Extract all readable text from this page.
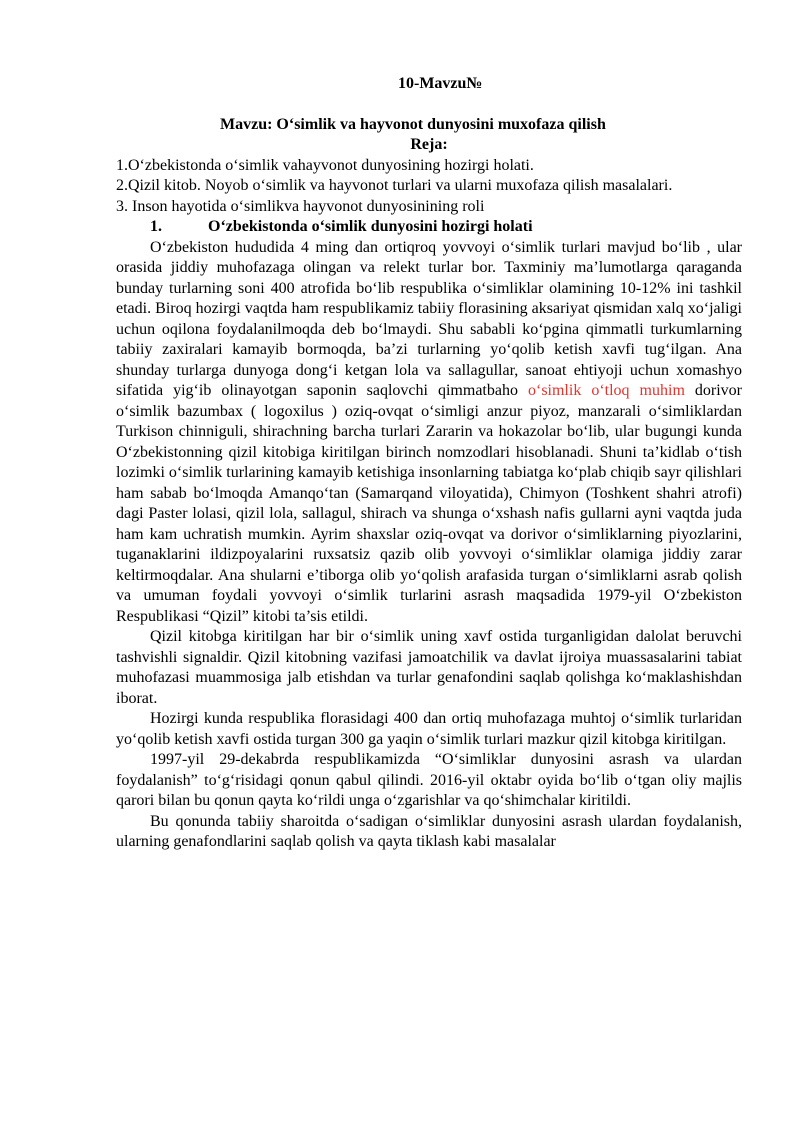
10-Mavzu№
Mavzu: O‘simlik va hayvonot dunyosini muxofaza qilish
Reja:
1.O‘zbekistonda o‘simlik vahayvonot dunyosining hozirgi holati.
2.Qizil kitob. Noyob o‘simlik va hayvonot turlari va ularni muxofaza qilish masalalari.
3. Inson hayotida o‘simlikva hayvonot dunyosinining roli
1.	O‘zbekistonda o‘simlik dunyosini hozirgi holati

O‘zbekiston hududida 4 ming dan ortiqroq yovvoyi o‘simlik turlari mavjud bo‘lib , ular orasida jiddiy muhofazaga olingan va relekt turlar bor. Taxminiy ma’lumotlarga qaraganda bunday turlarning soni 400 atrofida bo‘lib respublika o‘simliklar olamining 10-12% ini tashkil etadi. Biroq hozirgi vaqtda ham respublikamiz tabiiy florasining aksariyat qismidan xalq xo‘jaligi uchun oqilona foydalanilmoqda deb bo‘lmaydi. Shu sababli ko‘pgina qimmatli turkumlarning tabiiy zaxiralari kamayib bormoqda, ba’zi turlarning yo‘qolib ketish xavfi tug‘ilgan. Ana shunday turlarga dunyoga dong‘i ketgan lola va sallagullar, sanoat ehtiyoji uchun xomashyo sifatida yig‘ib olinayotgan saponin saqlovchi qimmatbaho o‘simlik o‘tloq muhim dorivor o‘simlik bazumbax ( logoxilus ) oziq-ovqat o‘simligi anzur piyoz, manzarali o‘simliklardan Turkison chinniguli, shirachning barcha turlari Zararin va hokazolar bo‘lib, ular bugungi kunda O‘zbekistonning qizil kitobiga kiritilgan birinch nomzodlari hisoblanadi. Shuni ta’kidlab o‘tish lozimki o‘simlik turlarining kamayib ketishiga insonlarning tabiatga ko‘plab chiqib sayr qilishlari ham sabab bo‘lmoqda Amanqo‘tan (Samarqand viloyatida), Chimyon (Toshkent shahri atrofi) dagi Paster lolasi, qizil lola, sallagul, shirach va shunga o‘xshash nafis gullarni ayni vaqtda juda ham kam uchratish mumkin. Ayrim shaxslar oziq-ovqat va dorivor o‘simliklarning piyozlarini, tuganaklarini ildizpoyalarini ruxsatsiz qazib olib yovvoyi o‘simliklar olamiga jiddiy zarar keltirmoqdalar. Ana shularni e’tiborga olib yo‘qolish arafasida turgan o‘simliklarni asrab qolish va umuman foydali yovvoyi o‘simlik turlarini asrash maqsadida 1979-yil O‘zbekiston Respublikasi “Qizil” kitobi ta’sis etildi.

Qizil kitobga kiritilgan har bir o‘simlik uning xavf ostida turganligidan dalolat beruvchi tashvishli signaldir. Qizil kitobning vazifasi jamoatchilik va davlat ijroiya muassasalarini tabiat muhofazasi muammosiga jalb etishdan va turlar genafondini saqlab qolishga ko‘maklashishdan iborat.

Hozirgi kunda respublika florasidagi 400 dan ortiq muhofazaga muhtoj o‘simlik turlaridan yo‘qolib ketish xavfi ostida turgan 300 ga yaqin o‘simlik turlari mazkur qizil kitobga kiritilgan.

1997-yil 29-dekabrda respublikamizda “O‘simliklar dunyosini asrash va ulardan foydalanish” to‘g‘risidagi qonun qabul qilindi. 2016-yil oktabr oyida bo‘lib o‘tgan oliy majlis qarori bilan bu qonun qayta ko‘rildi unga o‘zgarishlar va qo‘shimchalar kiritildi.

Bu qonunda tabiiy sharoitda o‘sadigan o‘simliklar dunyosini asrash ulardan foydalanish, ularning genafondlarini saqlab qolish va qayta tiklash kabi masalalar
